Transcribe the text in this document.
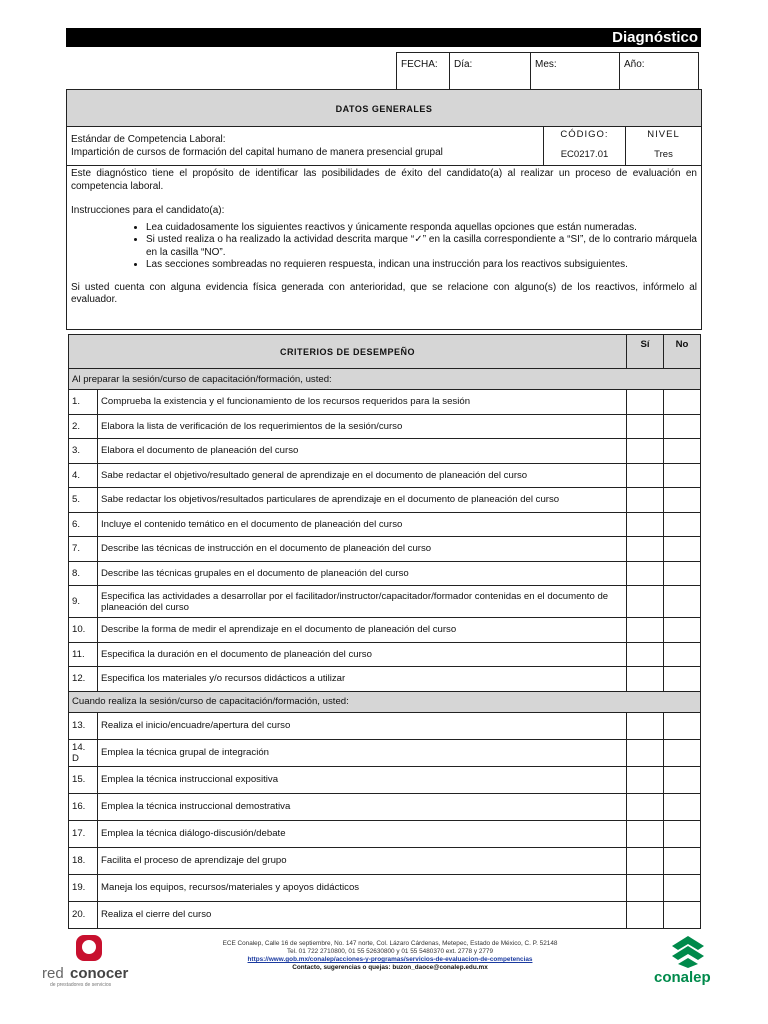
Diagnóstico
FECHA:	Día:	Mes:	Año:
DATOS GENERALES
Estándar de Competencia Laboral:
Impartición de cursos de formación del capital humano de manera presencial grupal
CÓDIGO:
EC0217.01
NIVEL
Tres

Este diagnóstico tiene el propósito de identificar las posibilidades de éxito del candidato(a) al realizar un proceso de evaluación en competencia laboral.

Instrucciones para el candidato(a):

• Lea cuidadosamente los siguientes reactivos y únicamente responda aquellas opciones que están numeradas.
• Si usted realiza o ha realizado la actividad descrita marque “✓” en la casilla correspondiente a “SI”, de lo contrario márquela en la casilla “NO”.
• Las secciones sombreadas no requieren respuesta, indican una instrucción para los reactivos subsiguientes.

Si usted cuenta con alguna evidencia física generada con anterioridad, que se relacione con alguno(s) de los reactivos, infórmelo al evaluador.

CRITERIOS DE DESEMPEÑO		Sí	No
Al preparar la sesión/curso de capacitación/formación, usted:			
1.	Comprueba la existencia y el funcionamiento de los recursos requeridos para la sesión		
2.	Elabora la lista de verificación de los requerimientos de la sesión/curso		
3.	Elabora el documento de planeación del curso		
4.	Sabe redactar el objetivo/resultado general de aprendizaje en el documento de planeación del curso		
5.	Sabe redactar los objetivos/resultados particulares de aprendizaje en el documento de planeación del curso		
6.	Incluye el contenido temático en el documento de planeación del curso		
7.	Describe las técnicas de instrucción en el documento de planeación del curso		
8.	Describe las técnicas grupales en el documento de planeación del curso		
9.	Especifica las actividades a desarrollar por el facilitador/instructor/capacitador/formador contenidas en el documento de planeación del curso		
10.	Describe la forma de medir el aprendizaje en el documento de planeación del curso		
11.	Especifica la duración en el documento de planeación del curso		
12.	Especifica los materiales y/o recursos didácticos a utilizar		
Cuando realiza la sesión/curso de capacitación/formación, usted:			
13.	Realiza el inicio/encuadre/apertura del curso		
14. D	Emplea la técnica grupal de integración		
15.	Emplea la técnica instruccional expositiva		
16.	Emplea la técnica instruccional demostrativa		
17.	Emplea la técnica diálogo-discusión/debate		
18.	Facilita el proceso de aprendizaje del grupo		
19.	Maneja los equipos, recursos/materiales y apoyos didácticos		
20.	Realiza el cierre del curso		
ECE Conalep, Calle 16 de septiembre, No. 147 norte, Col. Lázaro Cárdenas, Metepec, Estado de México, C. P. 52148
Tel. 01 722 2710800, 01 55 52630800 y 01 55 5480370 ext. 2778 y 2779
https://www.gob.mx/conalep/acciones-y-programas/servicios-de-evaluacion-de-competencias
Contacto, sugerencias o quejas: buzon_daoce@conalep.edu.mx
red conocer
de prestadores de servicios	conalep
